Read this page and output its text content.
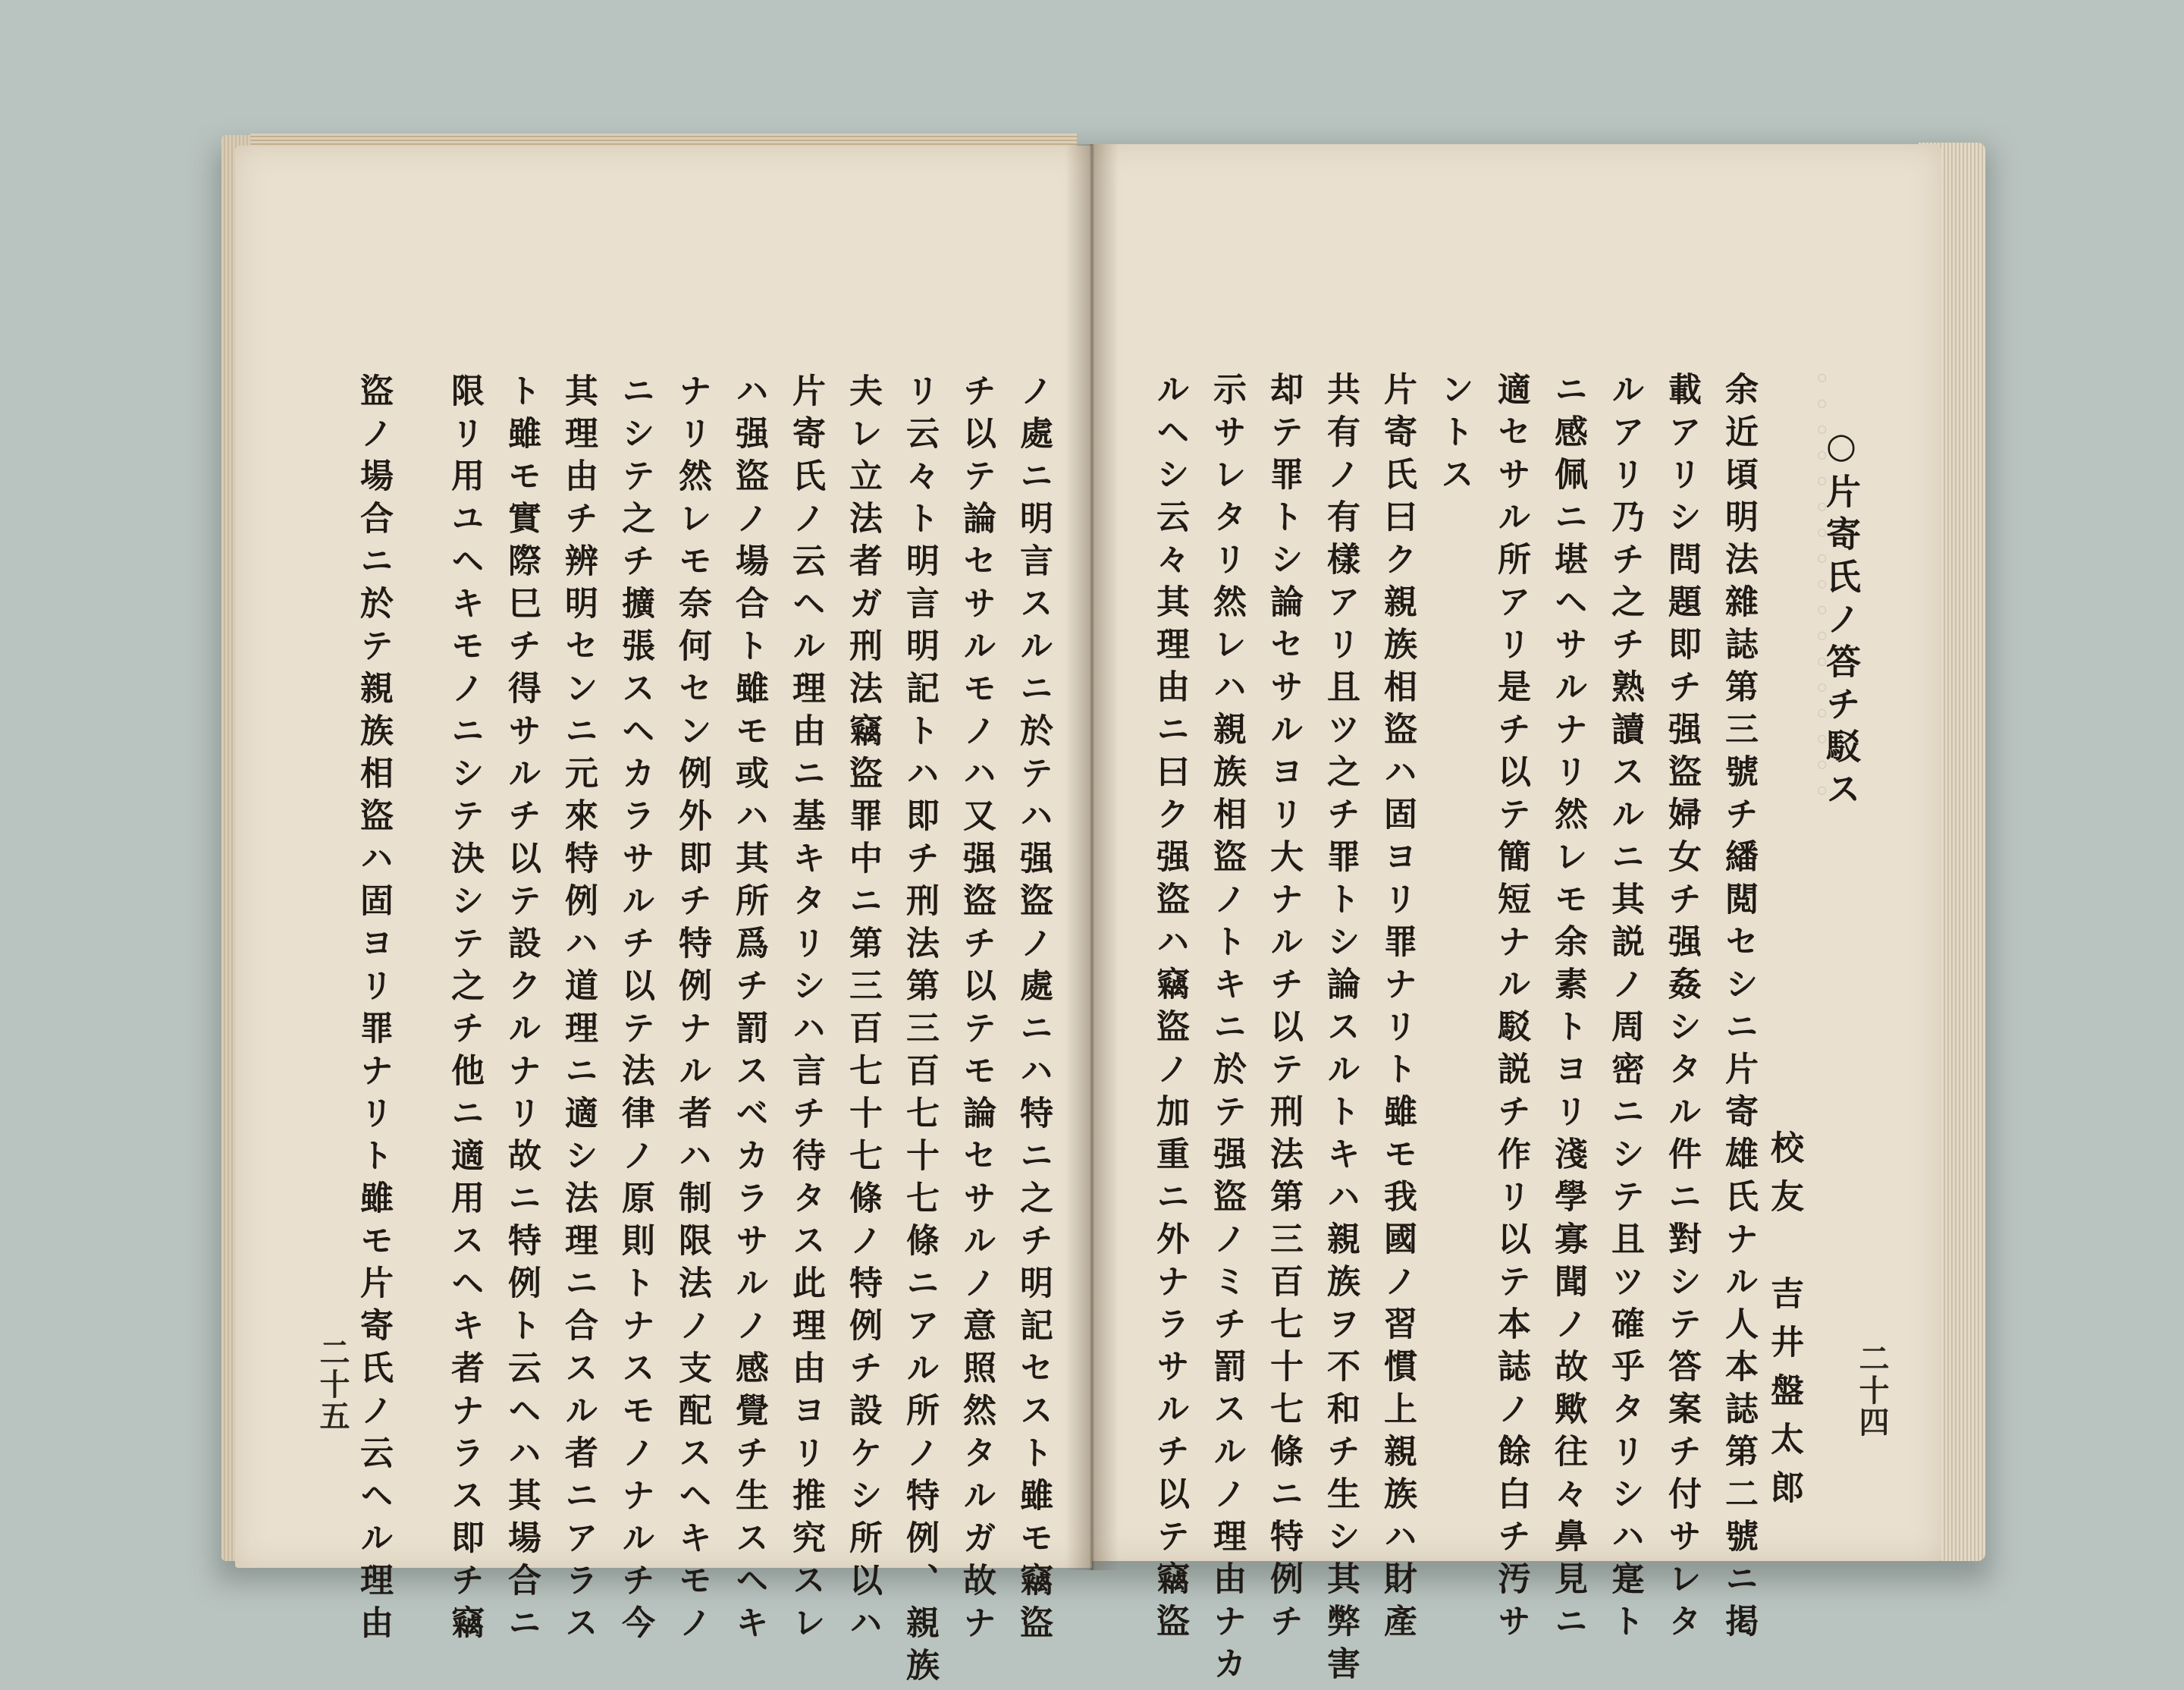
ノ處ニ明言スルニ於テハ强盜ノ處ニハ特ニ之チ明記セスト雖モ竊盜
チ以テ論セサルモノハ又强盜チ以テモ論セサルノ意照然タルガ故ナ
リ云々ト明言明記トハ即チ刑法第三百七十七條ニアル所ノ特例、親族
夫レ立法者ガ刑法竊盜罪中ニ第三百七十七條ノ特例チ設ケシ所以ハ
片寄氏ノ云ヘル理由ニ基キタリシハ言チ待タス此理由ヨリ推究スレ
ハ强盜ノ場合ト雖モ或ハ其所爲チ罰スベカラサルノ感覺チ生スヘキ
ナリ然レモ奈何セン例外即チ特例ナル者ハ制限法ノ支配スヘキモノ
ニシテ之チ擴張スヘカラサルチ以テ法律ノ原則トナスモノナルチ今
其理由チ辨明センニ元來特例ハ道理ニ適シ法理ニ合スル者ニアラス
ト雖モ實際巳チ得サルチ以テ設クルナリ故ニ特例ト云ヘハ其場合ニ
限リ用ユヘキモノニシテ決シテ之チ他ニ適用スヘキ者ナラス即チ竊
盜ノ場合ニ於テ親族相盜ハ固ヨリ罪ナリト雖モ片寄氏ノ云ヘル理由
二十五
。。。。。。。。。。。。。。。。。
二十四
校友　吉井盤太郎
○片寄氏ノ答チ駁ス
余近頃明法雜誌第三號チ繙閲セシニ片寄雄氏ナル人本誌第二號ニ掲
載アリシ問題即チ强盜婦女チ强姦シタル件ニ對シテ答案チ付サレタ
ルアリ乃チ之チ熟讀スルニ其説ノ周密ニシテ且ツ確乎タリシハ寔ト
ニ感佩ニ堪ヘサルナリ然レモ余素トヨリ淺學寡聞ノ故歟往々鼻見ニ
適セサル所アリ是チ以テ簡短ナル駁説チ作リ以テ本誌ノ餘白チ汚サ
ントス
片寄氏曰ク親族相盜ハ固ヨリ罪ナリト雖モ我國ノ習慣上親族ハ財產
共有ノ有樣アリ且ツ之チ罪トシ論スルトキハ親族ヲ不和チ生シ其弊害
却テ罪トシ論セサルヨリ大ナルチ以テ刑法第三百七十七條ニ特例チ
示サレタリ然レハ親族相盜ノトキニ於テ强盜ノミチ罰スルノ理由ナカ
ルヘシ云々其理由ニ曰ク强盜ハ竊盜ノ加重ニ外ナラサルチ以テ竊盜
